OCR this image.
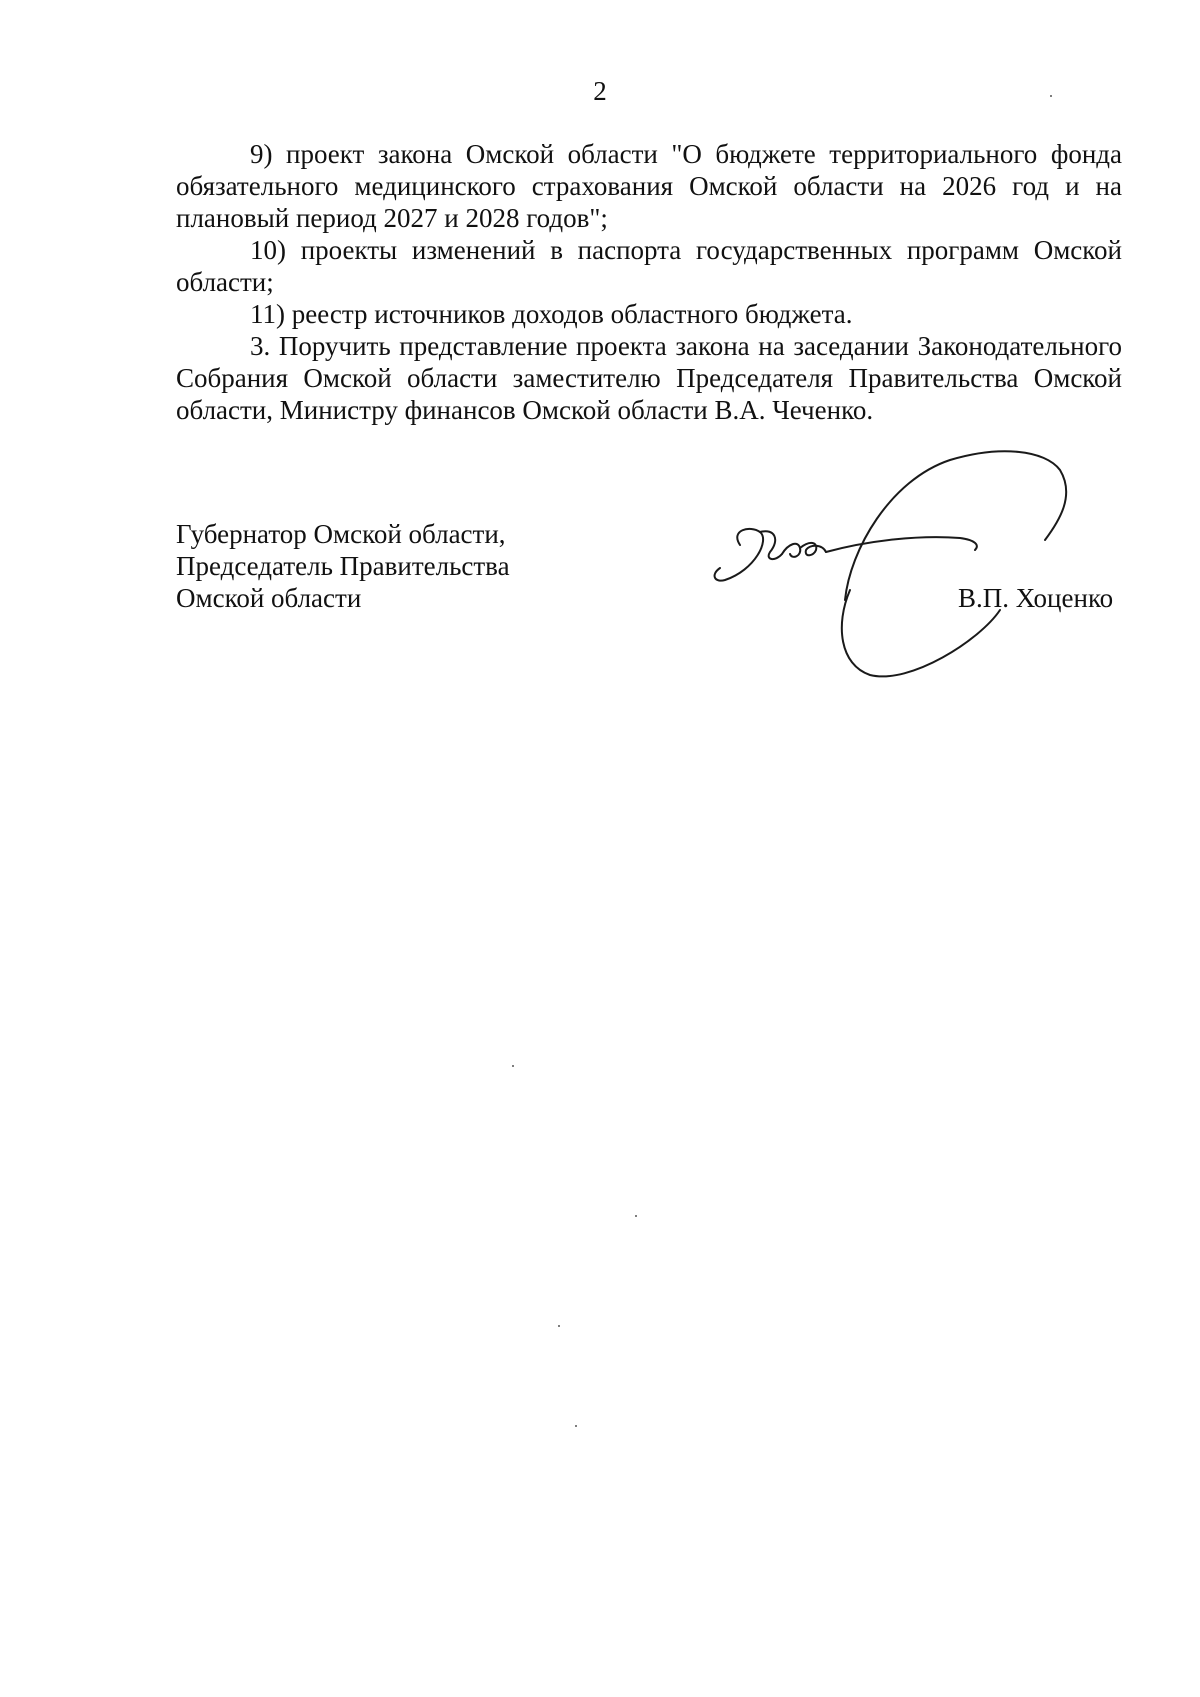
2

9) проект закона Омской области "О бюджете территориального фонда обязательного медицинского страхования Омской области на 2026 год и на плановый период 2027 и 2028 годов";

10) проекты изменений в паспорта государственных программ Омской области;

11) реестр источников доходов областного бюджета.

3. Поручить представление проекта закона на заседании Законодательного Собрания Омской области заместителю Председателя Правительства Омской области, Министру финансов Омской области В.А. Чеченко.

Губернатор Омской области,
Председатель Правительства
Омской области	В.П. Хоценко
